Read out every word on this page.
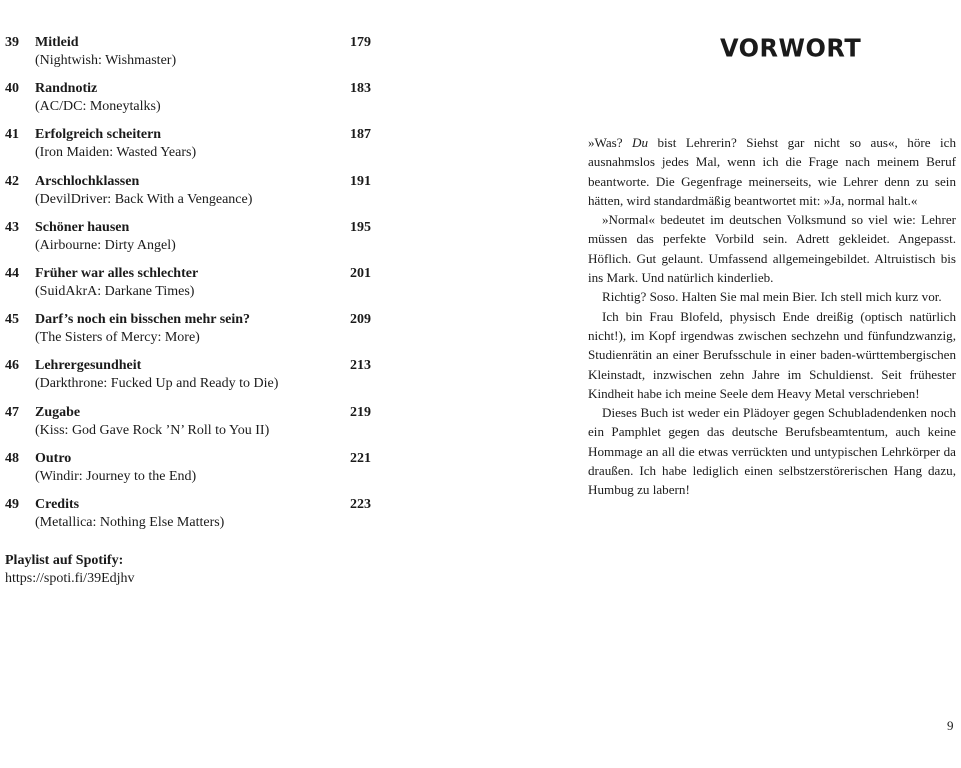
39 Mitleid	179
(Nightwish: Wishmaster)
40 Randnotiz	183
(AC/DC: Moneytalks)
41 Erfolgreich scheitern	187
(Iron Maiden: Wasted Years)
42 Arschlochklassen	191
(DevilDriver: Back With a Vengeance)
43 Schöner hausen	195
(Airbourne: Dirty Angel)
44 Früher war alles schlechter	201
(SuidAkrA: Darkane Times)
45 Darf’s noch ein bisschen mehr sein?	209
(The Sisters of Mercy: More)
46 Lehrergesundheit	213
(Darkthrone: Fucked Up and Ready to Die)
47 Zugabe	219
(Kiss: God Gave Rock ’N’ Roll to You II)
48 Outro	221
(Windir: Journey to the End)
49 Credits	223
(Metallica: Nothing Else Matters)
Playlist auf Spotify:
https://spoti.fi/39Edjhv
VORWORT

»Was? Du bist Lehrerin? Siehst gar nicht so aus«, höre ich ausnahmslos jedes Mal, wenn ich die Frage nach meinem Beruf beantworte. Die Gegenfrage meinerseits, wie Lehrer denn zu sein hätten, wird standardmäßig beantwortet mit: »Ja, normal halt.«

»Normal« bedeutet im deutschen Volksmund so viel wie: Lehrer müssen das perfekte Vorbild sein. Adrett gekleidet. Angepasst. Höflich. Gut gelaunt. Umfassend allgemeingebildet. Altruistisch bis ins Mark. Und natürlich kinderlieb.

Richtig? Soso. Halten Sie mal mein Bier. Ich stell mich kurz vor.

Ich bin Frau Blofeld, physisch Ende dreißig (optisch natürlich nicht!), im Kopf irgendwas zwischen sechzehn und fünfundzwanzig, Studienrätin an einer Berufsschule in einer baden-württembergischen Kleinstadt, inzwischen zehn Jahre im Schuldienst. Seit frühester Kindheit habe ich meine Seele dem Heavy Metal verschrieben!

Dieses Buch ist weder ein Plädoyer gegen Schubladendenken noch ein Pamphlet gegen das deutsche Berufsbeamtentum, auch keine Hommage an all die etwas verrückten und untypischen Lehrkörper da draußen. Ich habe lediglich einen selbstzerstörerischen Hang dazu, Humbug zu labern!

9
